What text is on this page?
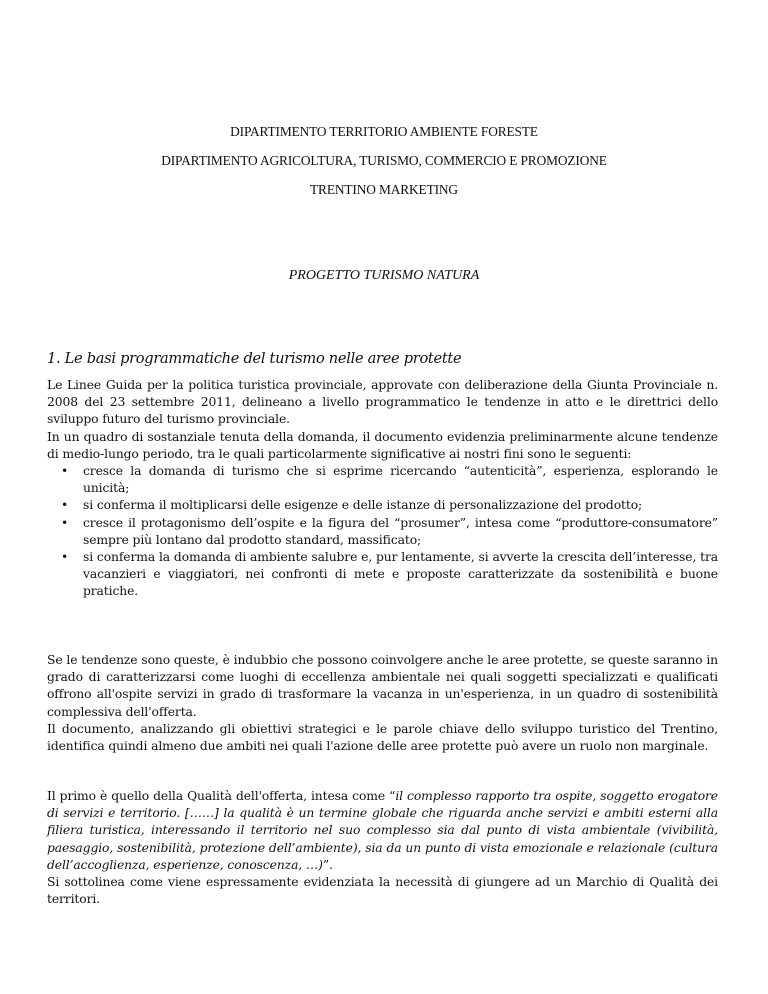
DIPARTIMENTO TERRITORIO AMBIENTE FORESTE
DIPARTIMENTO AGRICOLTURA, TURISMO, COMMERCIO E PROMOZIONE
TRENTINO MARKETING
PROGETTO TURISMO NATURA
1. Le basi programmatiche del turismo nelle aree protette

Le Linee Guida per la politica turistica provinciale, approvate con deliberazione della Giunta Provinciale n. 2008 del 23 settembre 2011, delineano a livello programmatico le tendenze in atto e le direttrici dello sviluppo futuro del turismo provinciale.

In un quadro di sostanziale tenuta della domanda, il documento evidenzia preliminarmente alcune tendenze di medio-lungo periodo, tra le quali particolarmente significative ai nostri fini sono le seguenti:

• cresce la domanda di turismo che si esprime ricercando “autenticità”, esperienza, esplorando le unicità;
• si conferma il moltiplicarsi delle esigenze e delle istanze di personalizzazione del prodotto;
• cresce il protagonismo dell’ospite e la figura del “prosumer”, intesa come “produttore-consumatore” sempre più lontano dal prodotto standard, massificato;
• si conferma la domanda di ambiente salubre e, pur lentamente, si avverte la crescita dell’interesse, tra vacanzieri e viaggiatori, nei confronti di mete e proposte caratterizzate da sostenibilità e buone pratiche.

Se le tendenze sono queste, è indubbio che possono coinvolgere anche le aree protette, se queste saranno in grado di caratterizzarsi come luoghi di eccellenza ambientale nei quali soggetti specializzati e qualificati offrono all'ospite servizi in grado di trasformare la vacanza in un'esperienza, in un quadro di sostenibilità complessiva dell'offerta.

Il documento, analizzando gli obiettivi strategici e le parole chiave dello sviluppo turistico del Trentino, identifica quindi almeno due ambiti nei quali l'azione delle aree protette può avere un ruolo non marginale.

Il primo è quello della Qualità dell'offerta, intesa come “il complesso rapporto tra ospite, soggetto erogatore di servizi e territorio. [……] la qualità è un termine globale che riguarda anche servizi e ambiti esterni alla filiera turistica, interessando il territorio nel suo complesso sia dal punto di vista ambientale (vivibilità, paesaggio, sostenibilità, protezione dell’ambiente), sia da un punto di vista emozionale e relazionale (cultura dell’accoglienza, esperienze, conoscenza, …)”.

Si sottolinea come viene espressamente evidenziata la necessità di giungere ad un Marchio di Qualità dei territori.
